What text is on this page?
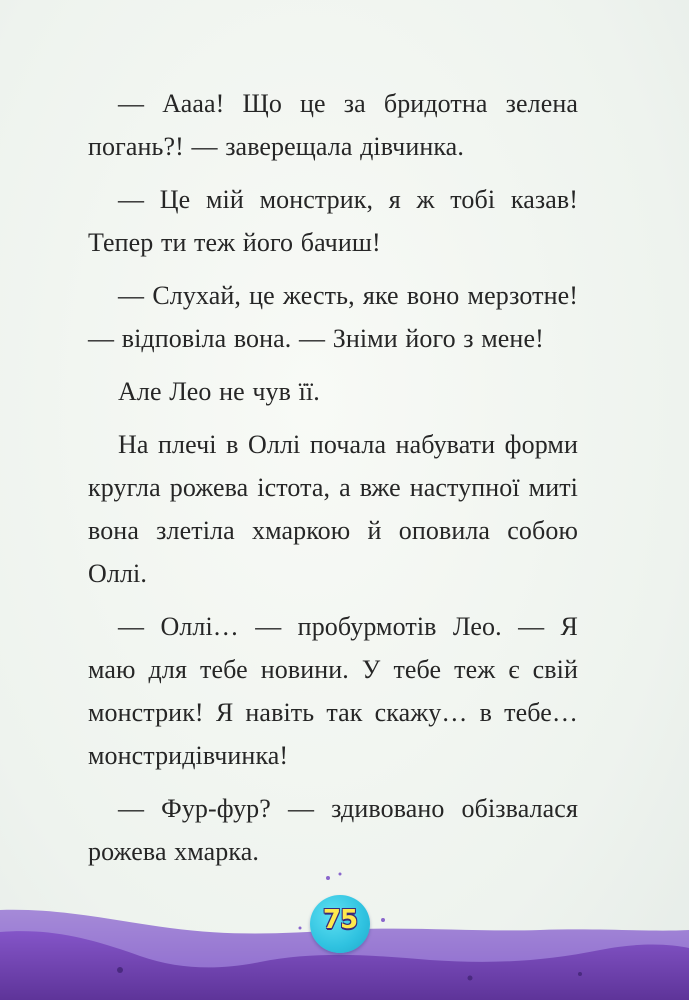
— Аааа! Що це за бридотна зелена погань?! — заверещала дівчинка.

— Це мій монстрик, я ж тобі казав! Тепер ти теж його бачиш!

— Слухай, це жесть, яке воно мерзотне! — відповіла вона. — Зніми його з мене!

Але Лео не чув її.

На плечі в Оллі почала набувати форми кругла рожева істота, а вже наступної миті вона злетіла хмаркою й оповила собою Оллі.

— Оллі… — пробурмотів Лео. — Я маю для тебе новини. У тебе теж є свій монстрик! Я навіть так скажу… в тебе… монстридівчинка!

— Фур-фур? — здивовано обізвалася рожева хмарка.

75
